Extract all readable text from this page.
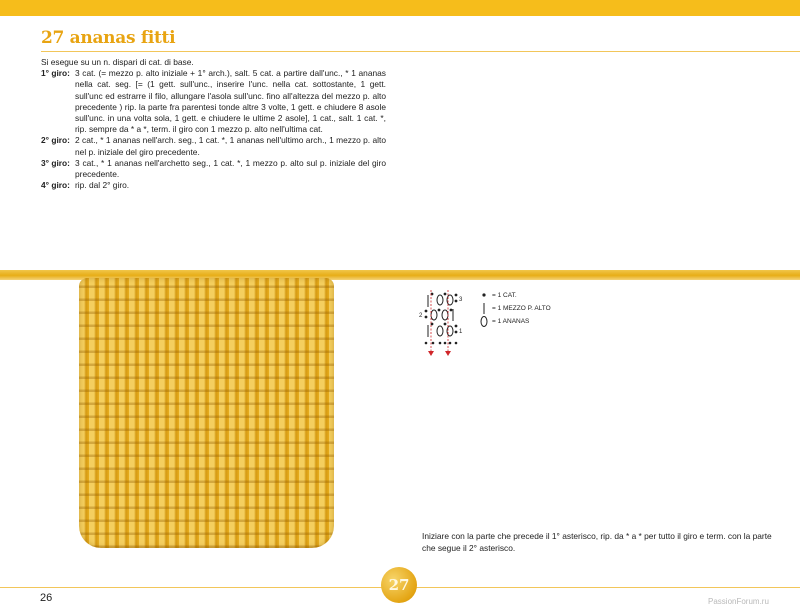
27 ananas fitti
Si esegue su un n. dispari di cat. di base.
1° giro: 3 cat. (= mezzo p. alto iniziale + 1° arch.), salt. 5 cat. a partire dall'unc., * 1 ananas nella cat. seg. [= (1 gett. sull'unc., inserire l'unc. nella cat. sottostante, 1 gett. sull'unc ed estrarre il filo, allungare l'asola sull'unc. fino all'altezza del mezzo p. alto precedente ) rip. la parte fra parentesi tonde altre 3 volte, 1 gett. e chiudere 8 asole sull'unc. in una volta sola, 1 gett. e chiudere le ultime 2 asole], 1 cat., salt. 1 cat. *, rip. sempre da * a *, term. il giro con 1 mezzo p. alto nell'ultima cat.
2° giro: 2 cat., * 1 ananas nell'arch. seg., 1 cat. *, 1 ananas nell'ultimo arch., 1 mezzo p. alto nel p. iniziale del giro precedente.
3° giro: 3 cat., * 1 ananas nell'archetto seg., 1 cat. *, 1 mezzo p. alto sul p. iniziale del giro precedente.
4° giro: rip. dal 2° giro.
3
2
1
= 1 CAT.
= 1 MEZZO P. ALTO
= 1 ANANAS

Iniziare con la parte che precede il 1° asterisco, rip. da * a * per tutto il giro e term. con la parte che segue il 2° asterisco.

26
27
PassionForum.ru
